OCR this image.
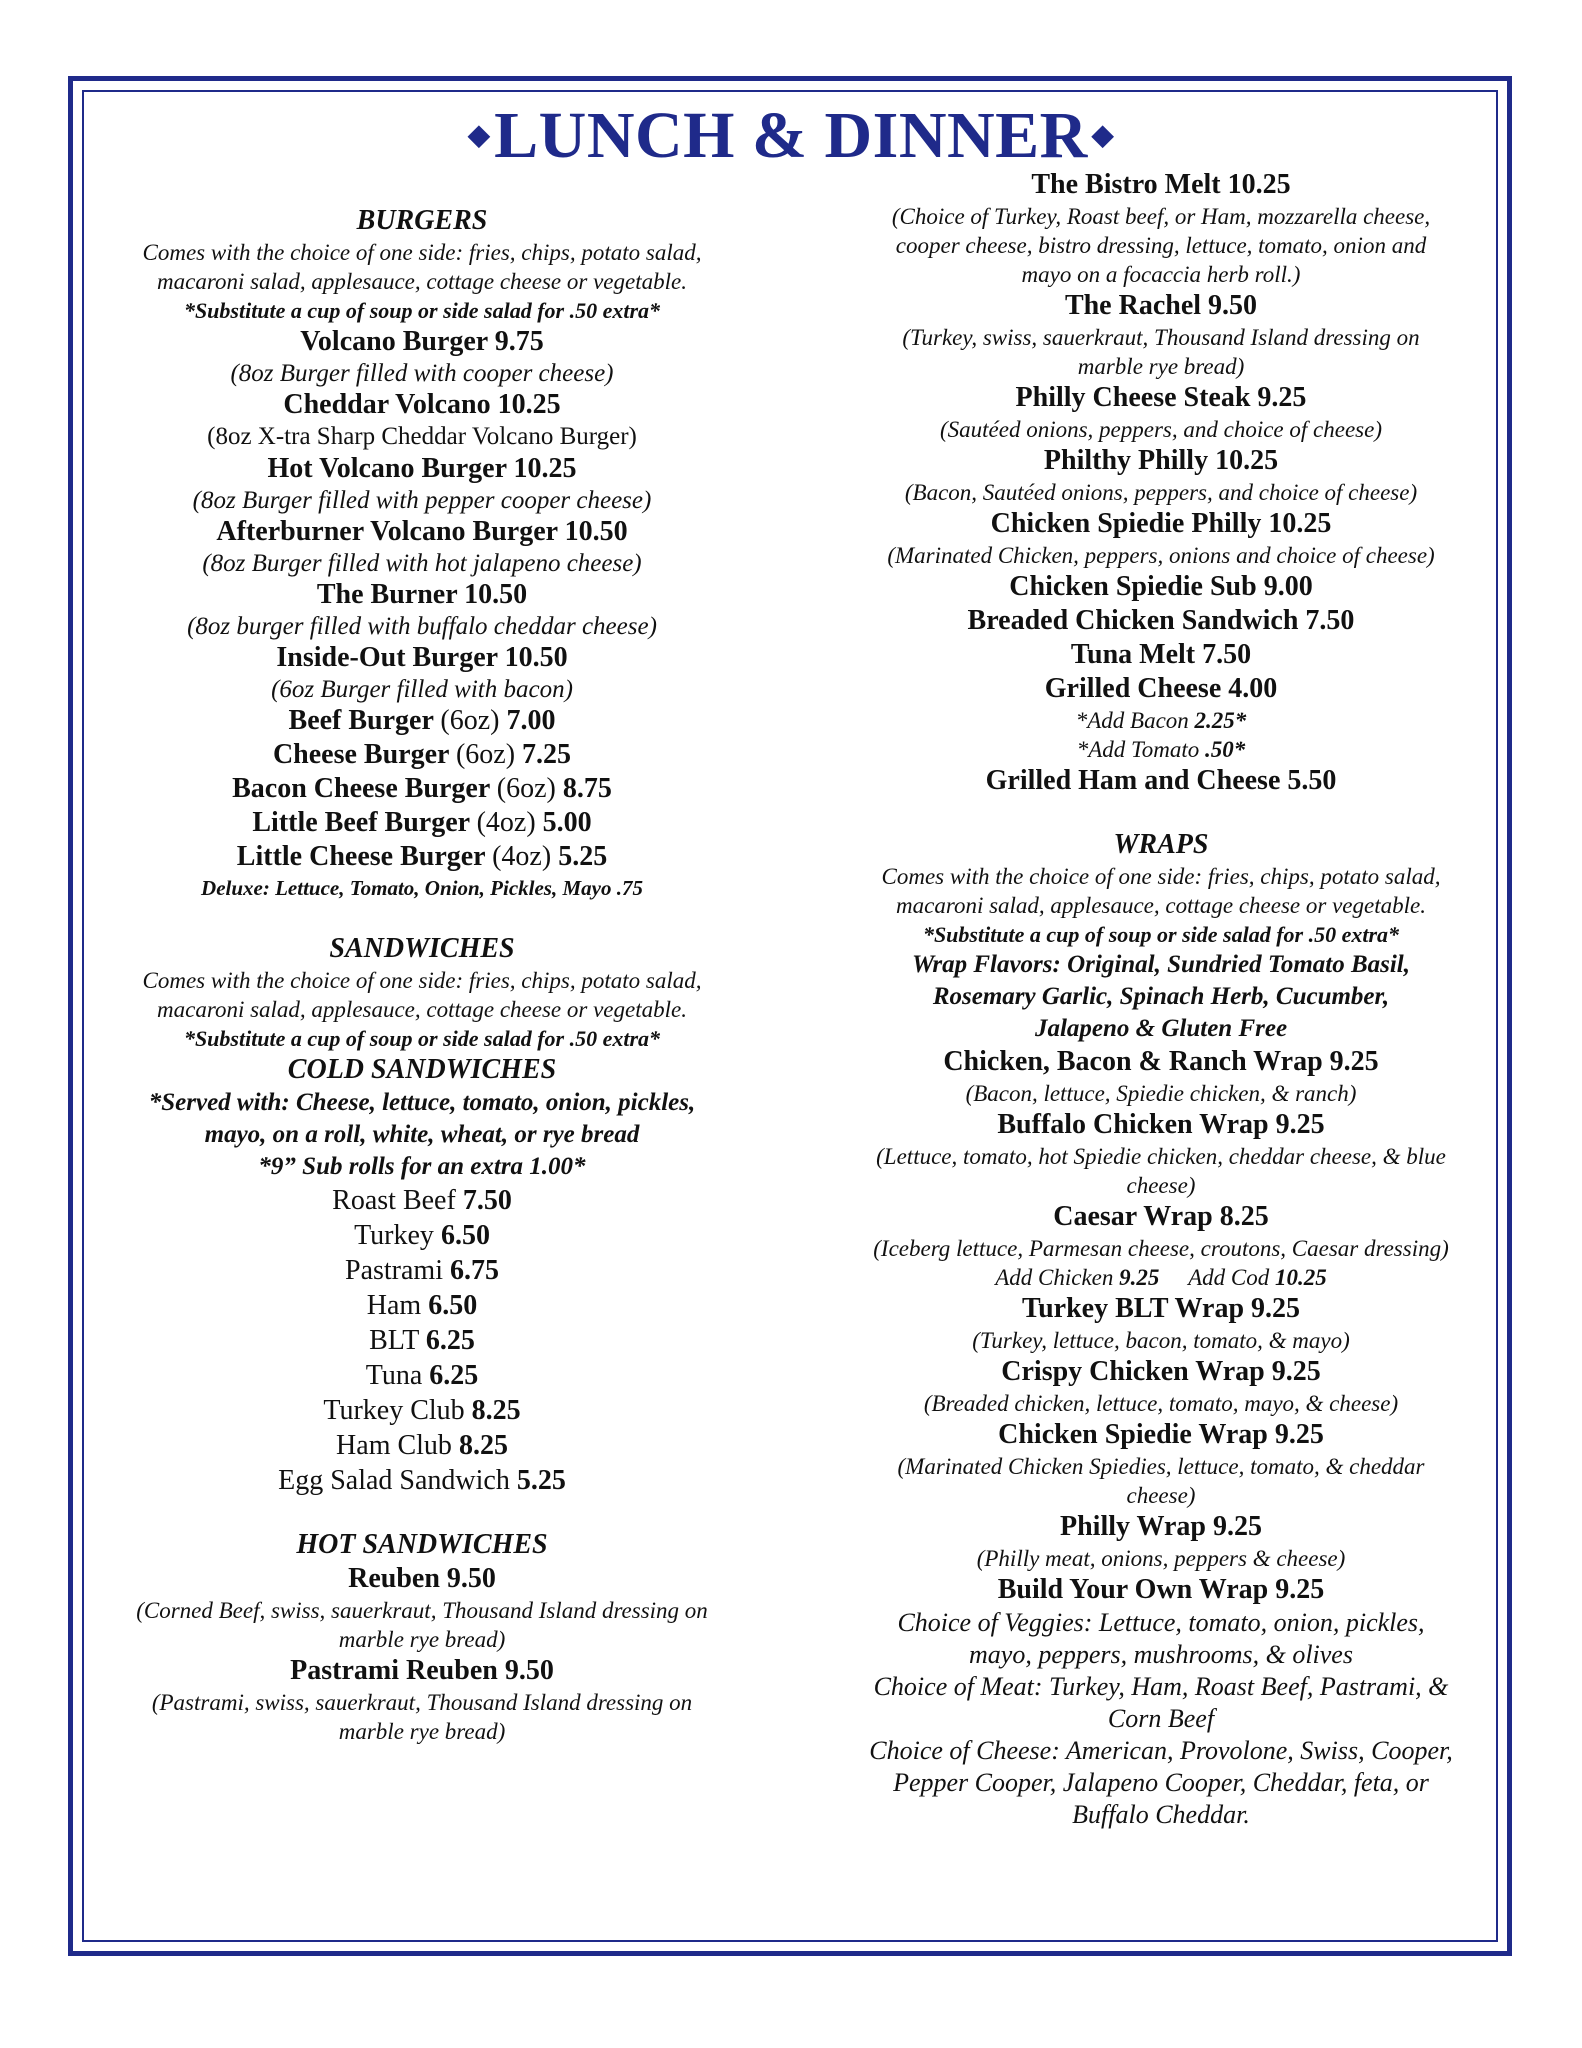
◆LUNCH & DINNER ◆
BURGERS
Comes with the choice of one side: fries, chips, potato salad,
macaroni salad, applesauce, cottage cheese or vegetable.
*Substitute a cup of soup or side salad for .50 extra*
Volcano Burger 9.75
(8oz Burger filled with cooper cheese)
Cheddar Volcano 10.25
(8oz X-tra Sharp Cheddar Volcano Burger)
Hot Volcano Burger 10.25
(8oz Burger filled with pepper cooper cheese)
Afterburner Volcano Burger 10.50
(8oz Burger filled with hot jalapeno cheese)
The Burner 10.50
(8oz burger filled with buffalo cheddar cheese)
Inside-Out Burger 10.50
(6oz Burger filled with bacon)
Beef Burger (6oz) 7.00
Cheese Burger (6oz) 7.25
Bacon Cheese Burger (6oz) 8.75
Little Beef Burger (4oz) 5.00
Little Cheese Burger (4oz) 5.25
Deluxe: Lettuce, Tomato, Onion, Pickles, Mayo .75
SANDWICHES
Comes with the choice of one side: fries, chips, potato salad,
macaroni salad, applesauce, cottage cheese or vegetable.
*Substitute a cup of soup or side salad for .50 extra*
COLD SANDWICHES
*Served with: Cheese, lettuce, tomato, onion, pickles,
mayo, on a roll, white, wheat, or rye bread
*9” Sub rolls for an extra 1.00*
Roast Beef 7.50
Turkey 6.50
Pastrami 6.75
Ham 6.50
BLT 6.25
Tuna 6.25
Turkey Club 8.25
Ham Club 8.25
Egg Salad Sandwich 5.25
HOT SANDWICHES
Reuben 9.50
(Corned Beef, swiss, sauerkraut, Thousand Island dressing on
marble rye bread)
Pastrami Reuben 9.50
(Pastrami, swiss, sauerkraut, Thousand Island dressing on
marble rye bread)
The Bistro Melt 10.25
(Choice of Turkey, Roast beef, or Ham, mozzarella cheese,
cooper cheese, bistro dressing, lettuce, tomato, onion and
mayo on a focaccia herb roll.)
The Rachel 9.50
(Turkey, swiss, sauerkraut, Thousand Island dressing on
marble rye bread)
Philly Cheese Steak 9.25
(Sautéed onions, peppers, and choice of cheese)
Philthy Philly 10.25
(Bacon, Sautéed onions, peppers, and choice of cheese)
Chicken Spiedie Philly 10.25
(Marinated Chicken, peppers, onions and choice of cheese)
Chicken Spiedie Sub 9.00
Breaded Chicken Sandwich 7.50
Tuna Melt 7.50
Grilled Cheese 4.00
*Add Bacon 2.25*
*Add Tomato .50*
Grilled Ham and Cheese 5.50
WRAPS
Comes with the choice of one side: fries, chips, potato salad,
macaroni salad, applesauce, cottage cheese or vegetable.
*Substitute a cup of soup or side salad for .50 extra*
Wrap Flavors: Original, Sundried Tomato Basil,
Rosemary Garlic, Spinach Herb, Cucumber,
Jalapeno & Gluten Free
Chicken, Bacon & Ranch Wrap 9.25
(Bacon, lettuce, Spiedie chicken, & ranch)
Buffalo Chicken Wrap 9.25
(Lettuce, tomato, hot Spiedie chicken, cheddar cheese, & blue
cheese)
Caesar Wrap 8.25
(Iceberg lettuce, Parmesan cheese, croutons, Caesar dressing)
Add Chicken 9.25 Add Cod 10.25
Turkey BLT Wrap 9.25
(Turkey, lettuce, bacon, tomato, & mayo)
Crispy Chicken Wrap 9.25
(Breaded chicken, lettuce, tomato, mayo, & cheese)
Chicken Spiedie Wrap 9.25
(Marinated Chicken Spiedies, lettuce, tomato, & cheddar
cheese)
Philly Wrap 9.25
(Philly meat, onions, peppers & cheese)
Build Your Own Wrap 9.25
Choice of Veggies: Lettuce, tomato, onion, pickles,
mayo, peppers, mushrooms, & olives
Choice of Meat: Turkey, Ham, Roast Beef, Pastrami, &
Corn Beef
Choice of Cheese: American, Provolone, Swiss, Cooper,
Pepper Cooper, Jalapeno Cooper, Cheddar, feta, or
Buffalo Cheddar.
